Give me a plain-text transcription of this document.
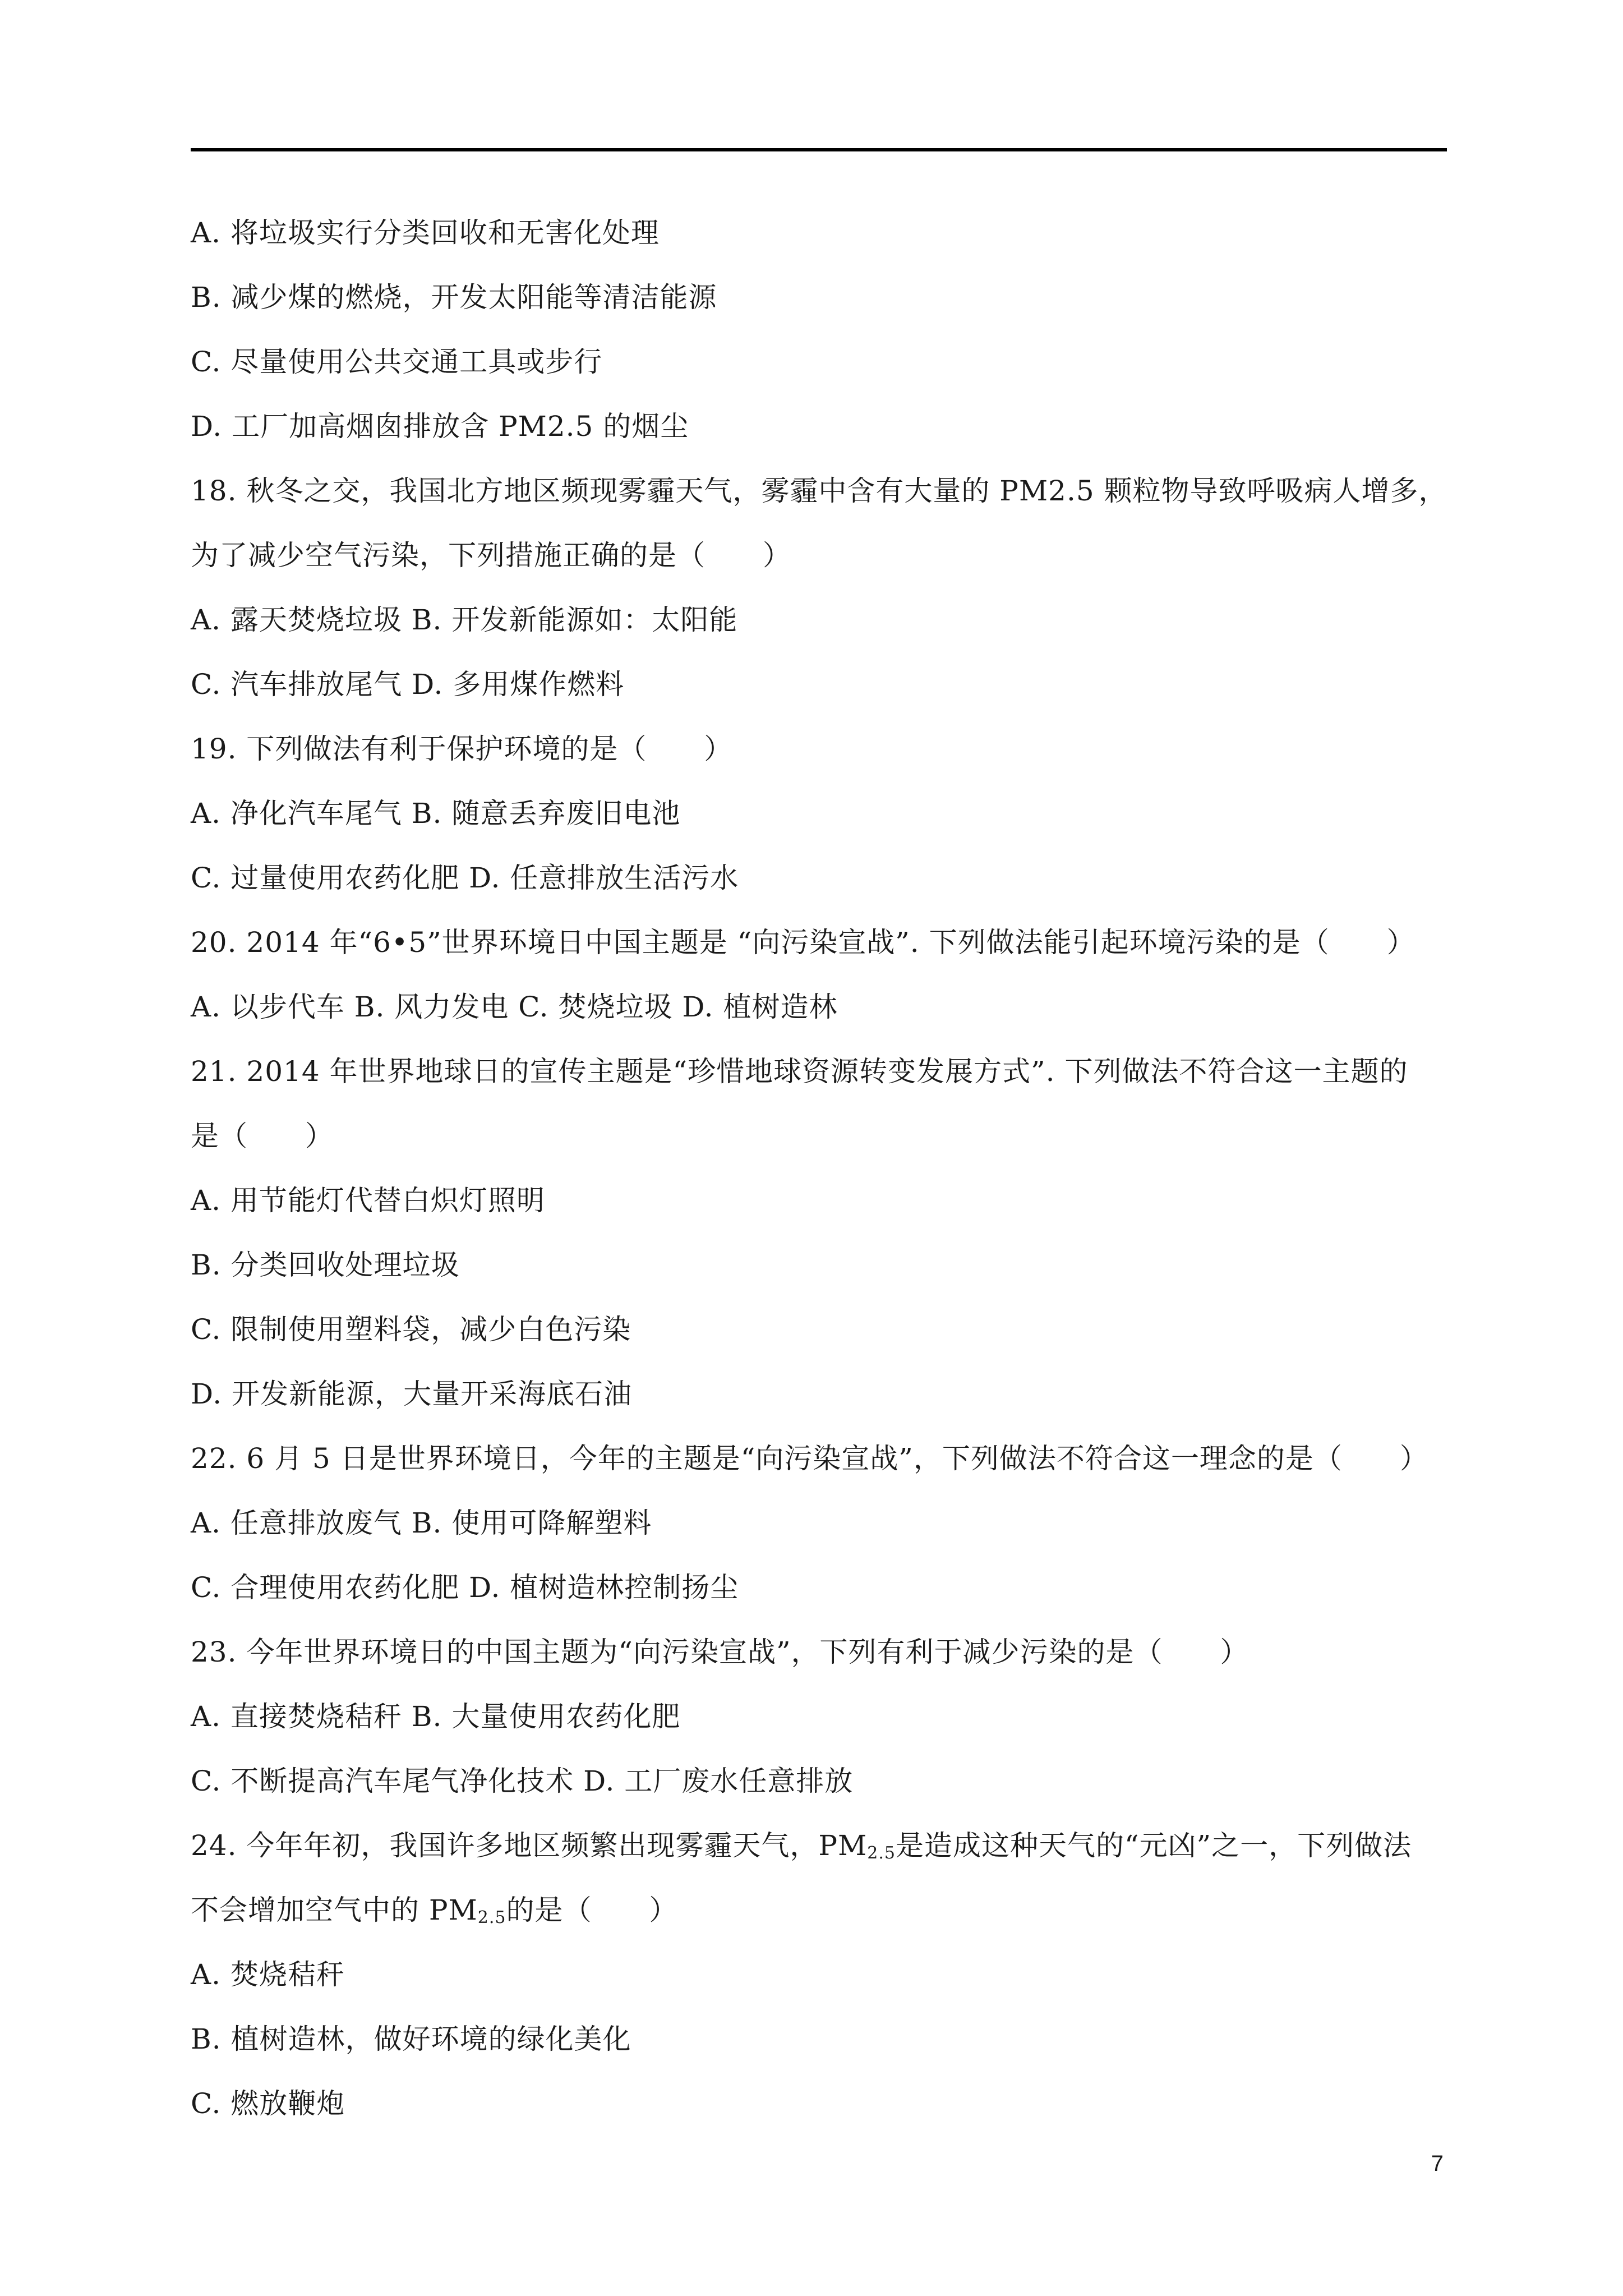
A. 将垃圾实行分类回收和无害化处理
B. 减少煤的燃烧，开发太阳能等清洁能源
C. 尽量使用公共交通工具或步行
D. 工厂加高烟囱排放含 PM2.5 的烟尘
18. 秋冬之交，我国北方地区频现雾霾天气，雾霾中含有大量的 PM2.5 颗粒物导致呼吸病人增多，
为了减少空气污染，下列措施正确的是（　　）
A. 露天焚烧垃圾 B. 开发新能源如：太阳能
C. 汽车排放尾气 D. 多用煤作燃料
19. 下列做法有利于保护环境的是（　　）
A. 净化汽车尾气 B. 随意丢弃废旧电池
C. 过量使用农药化肥 D. 任意排放生活污水
20. 2014 年“6•5”世界环境日中国主题是 “向污染宣战”. 下列做法能引起环境污染的是（　　）
A. 以步代车 B. 风力发电 C. 焚烧垃圾 D. 植树造林
21. 2014 年世界地球日的宣传主题是“珍惜地球资源转变发展方式”. 下列做法不符合这一主题的
是（　　）
A. 用节能灯代替白炽灯照明
B. 分类回收处理垃圾
C. 限制使用塑料袋，减少白色污染
D. 开发新能源，大量开采海底石油
22. 6 月 5 日是世界环境日，今年的主题是“向污染宣战”，下列做法不符合这一理念的是（　　）
A. 任意排放废气 B. 使用可降解塑料
C. 合理使用农药化肥 D. 植树造林控制扬尘
23. 今年世界环境日的中国主题为“向污染宣战”，下列有利于减少污染的是（　　）
A. 直接焚烧秸秆 B. 大量使用农药化肥
C. 不断提高汽车尾气净化技术 D. 工厂废水任意排放
24. 今年年初，我国许多地区频繁出现雾霾天气，$PM_{2.5}$是造成这种天气的“元凶”之一，下列做法
不会增加空气中的 $PM_{2.5}$的是（　　）
A. 焚烧秸秆
B. 植树造林，做好环境的绿化美化
C. 燃放鞭炮
7
